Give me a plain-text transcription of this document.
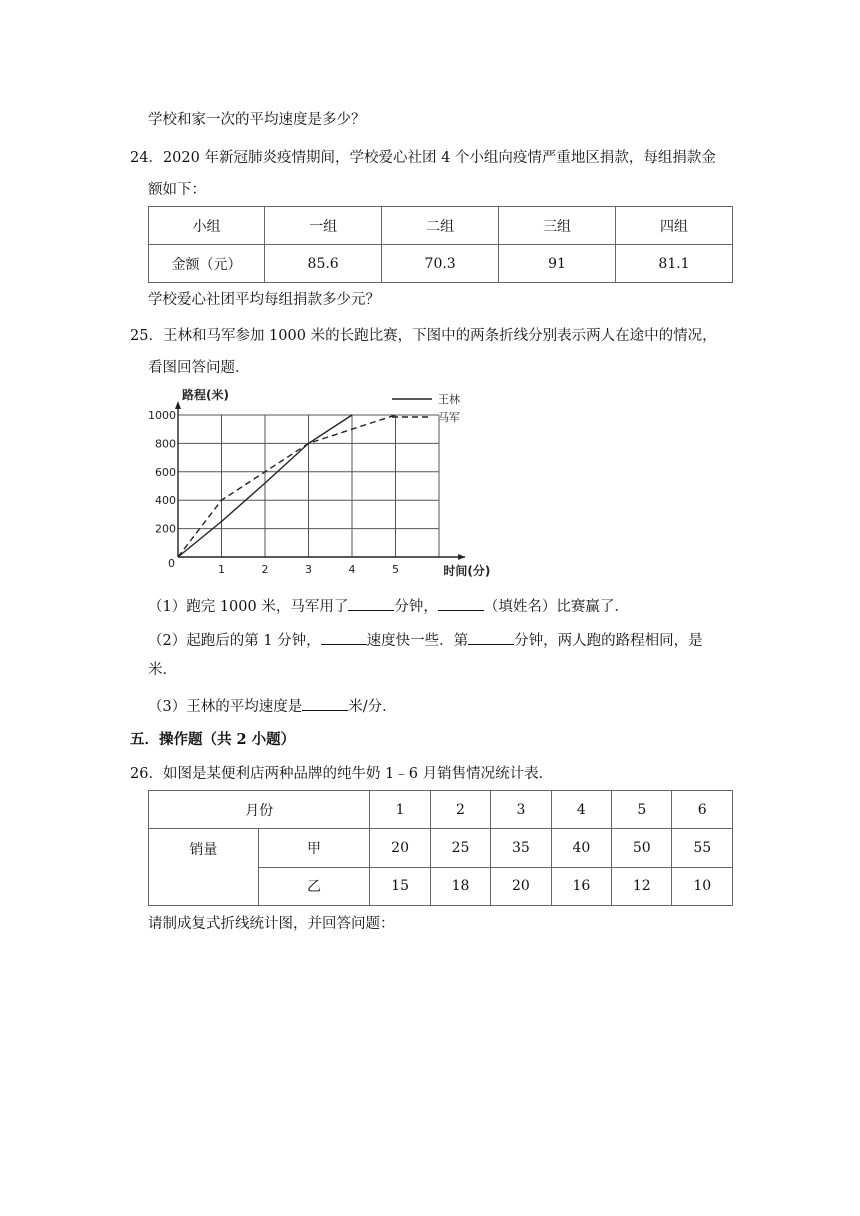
学校和家一次的平均速度是多少？
24．2020 年新冠肺炎疫情期间，学校爱心社团 4 个小组向疫情严重地区捐款，每组捐款金
额如下：
小组	一组	二组	三组	四组
金额（元）	85.6	70.3	91	81.1
学校爱心社团平均每组捐款多少元？
25．王林和马军参加 1000 米的长跑比赛，下图中的两条折线分别表示两人在途中的情况，
看图回答问题．
1	2	3	4	5
200
400
600
800
1000
0
路程(米)
时间(分)
王林
马军
（1）跑完 1000 米，马军用了	分钟，	（填姓名）比赛赢了．
（2）起跑后的第 1 分钟，	速度快一些．第	分钟，两人跑的路程相同，是
米．
（3）王林的平均速度是	米/分．
五．操作题（共 2 小题）
26．如图是某便利店两种品牌的纯牛奶 1﹣6 月销售情况统计表．
月份		1	2	3	4	5	6
销量	甲	20	25	35	40	50	55
	乙	15	18	20	16	12	10
请制成复式折线统计图，并回答问题：
